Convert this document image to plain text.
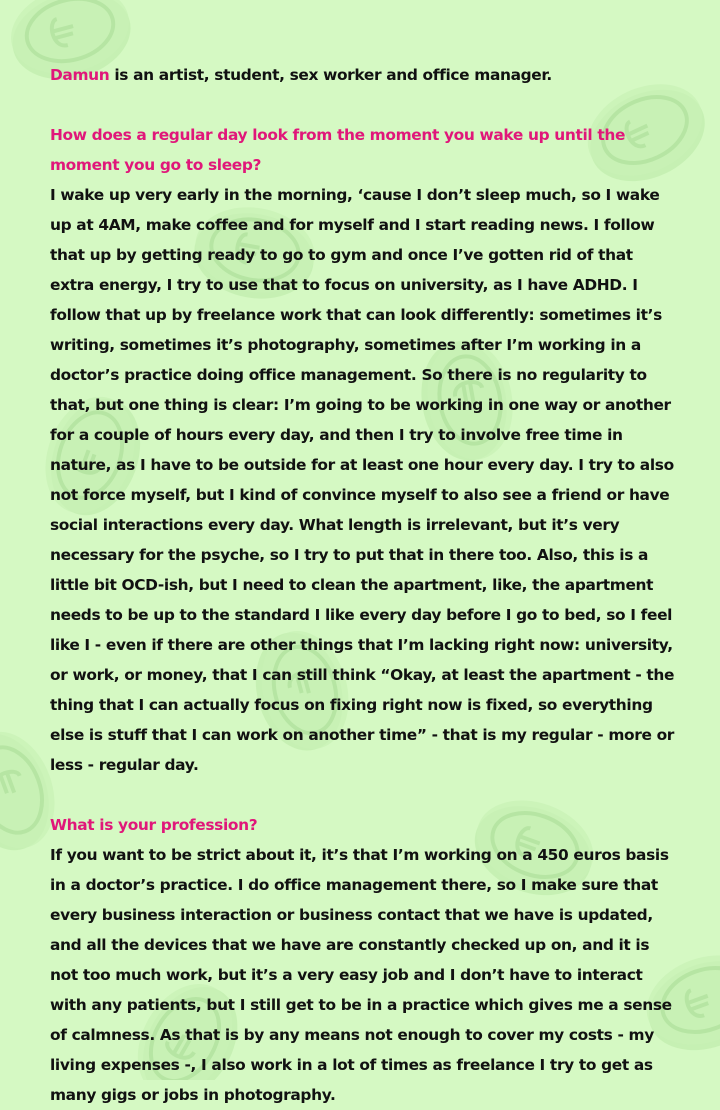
Damun is an artist, student, sex worker and office manager.

How does a regular day look from the moment you wake up until the moment you go to sleep?

I wake up very early in the morning, ‘cause I don’t sleep much, so I wake up at 4AM, make coffee and for myself and I start reading news. I follow that up by getting ready to go to gym and once I’ve gotten rid of that extra energy, I try to use that to focus on university, as I have ADHD. I follow that up by freelance work that can look differently: sometimes it’s writing, sometimes it’s photography, sometimes after I’m working in a doctor’s practice doing office management. So there is no regularity to that, but one thing is clear: I’m going to be working in one way or another for a couple of hours every day, and then I try to involve free time in nature, as I have to be outside for at least one hour every day. I try to also not force myself, but I kind of convince myself to also see a friend or have social interactions every day. What length is irrelevant, but it’s very necessary for the psyche, so I try to put that in there too. Also, this is a little bit OCD-ish, but I need to clean the apartment, like, the apartment needs to be up to the standard I like every day before I go to bed, so I feel like I - even if there are other things that I’m lacking right now: university, or work, or money, that I can still think “Okay, at least the apartment - the thing that I can actually focus on fixing right now is fixed, so everything else is stuff that I can work on another time” - that is my regular - more or less - regular day.

What is your profession?

If you want to be strict about it, it’s that I’m working on a 450 euros basis in a doctor’s practice. I do office management there, so I make sure that every business interaction or business contact that we have is updated, and all the devices that we have are constantly checked up on, and it is not too much work, but it’s a very easy job and I don’t have to interact with any patients, but I still get to be in a practice which gives me a sense of calmness. As that is by any means not enough to cover my costs - my living expenses -, I also work in a lot of times as freelance I try to get as many gigs or jobs in photography.
